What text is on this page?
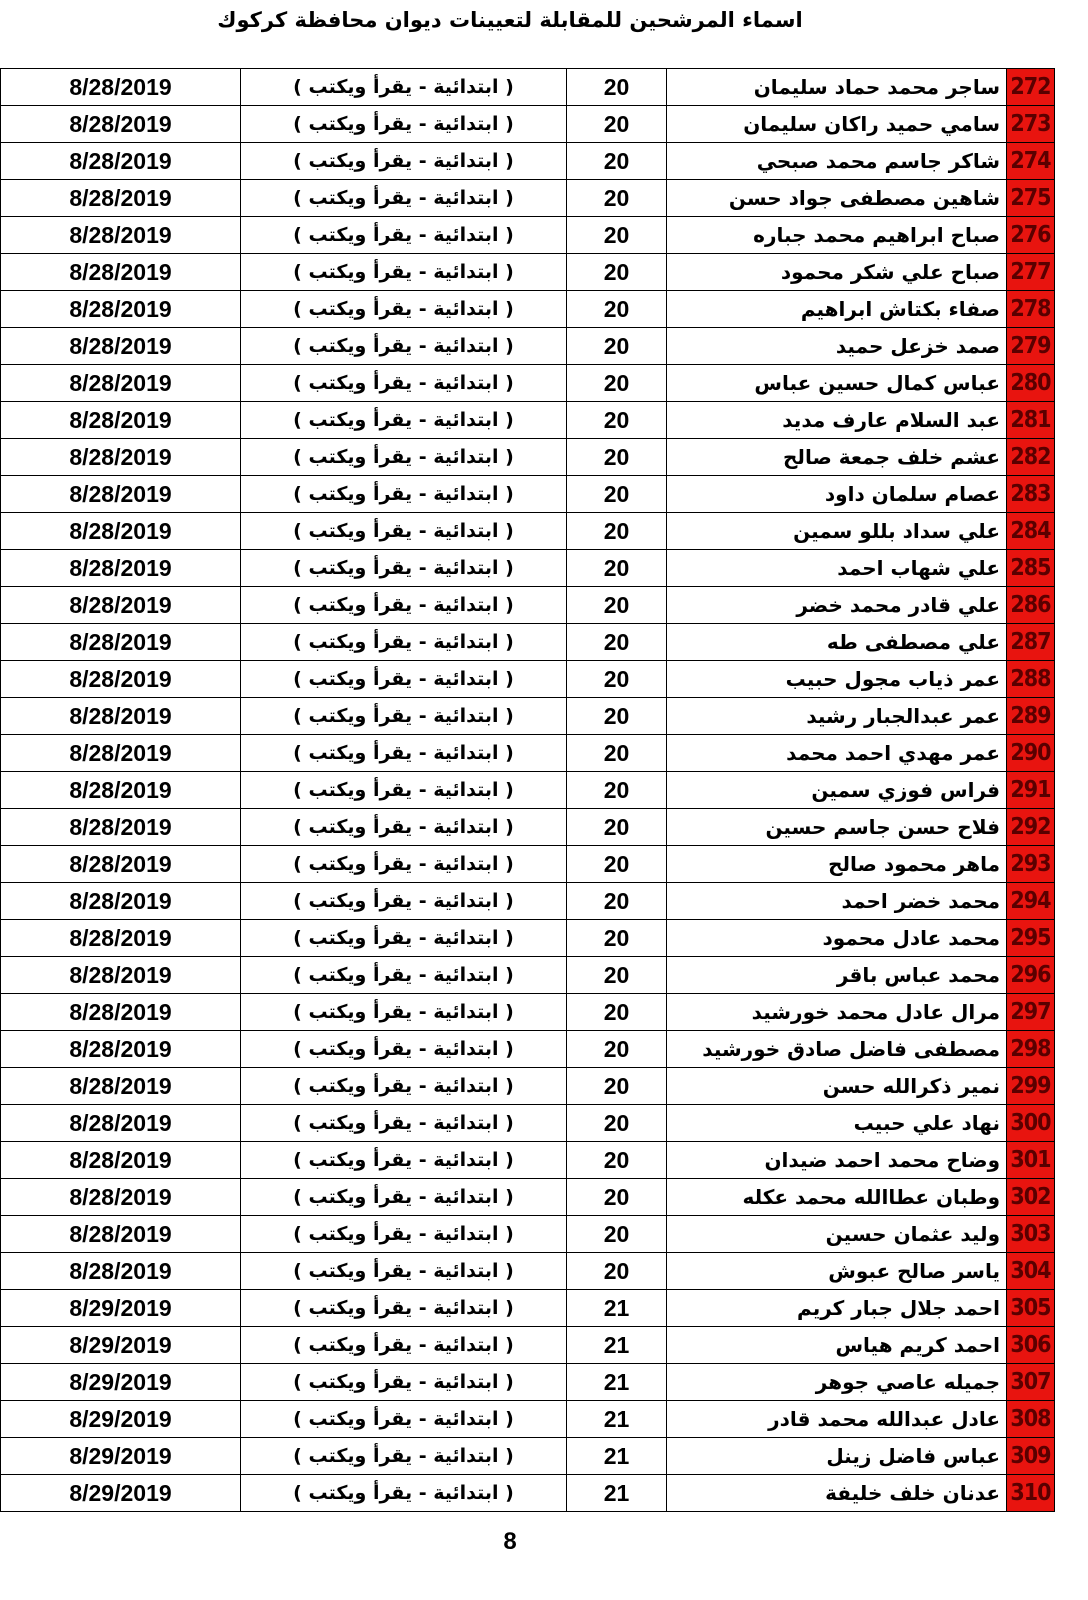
اسماء المرشحين للمقابلة لتعيينات ديوان محافظة كركوك
8/28/2019	( ابتدائية - يقرأ ويكتب )	20	ساجر محمد حماد سليمان	272	
8/28/2019	( ابتدائية - يقرأ ويكتب )	20	سامي حميد راكان سليمان	273	
8/28/2019	( ابتدائية - يقرأ ويكتب )	20	شاكر جاسم محمد صبحي	274	
8/28/2019	( ابتدائية - يقرأ ويكتب )	20	شاهين مصطفى جواد حسن	275	
8/28/2019	( ابتدائية - يقرأ ويكتب )	20	صباح ابراهيم محمد جباره	276	
8/28/2019	( ابتدائية - يقرأ ويكتب )	20	صباح علي شكر محمود	277	
8/28/2019	( ابتدائية - يقرأ ويكتب )	20	صفاء بكتاش ابراهيم	278	
8/28/2019	( ابتدائية - يقرأ ويكتب )	20	صمد خزعل حميد	279	
8/28/2019	( ابتدائية - يقرأ ويكتب )	20	عباس كمال حسين عباس	280	
8/28/2019	( ابتدائية - يقرأ ويكتب )	20	عبد السلام عارف مديد	281	
8/28/2019	( ابتدائية - يقرأ ويكتب )	20	عشم خلف جمعة صالح	282	
8/28/2019	( ابتدائية - يقرأ ويكتب )	20	عصام سلمان داود	283	
8/28/2019	( ابتدائية - يقرأ ويكتب )	20	علي سداد بللو سمين	284	
8/28/2019	( ابتدائية - يقرأ ويكتب )	20	علي شهاب احمد	285	
8/28/2019	( ابتدائية - يقرأ ويكتب )	20	علي قادر محمد خضر	286	
8/28/2019	( ابتدائية - يقرأ ويكتب )	20	علي مصطفى طه	287	
8/28/2019	( ابتدائية - يقرأ ويكتب )	20	عمر ذياب مجول حبيب	288	
8/28/2019	( ابتدائية - يقرأ ويكتب )	20	عمر عبدالجبار رشيد	289	
8/28/2019	( ابتدائية - يقرأ ويكتب )	20	عمر مهدي احمد محمد	290	
8/28/2019	( ابتدائية - يقرأ ويكتب )	20	فراس فوزي سمين	291	
8/28/2019	( ابتدائية - يقرأ ويكتب )	20	فلاح حسن جاسم حسين	292	
8/28/2019	( ابتدائية - يقرأ ويكتب )	20	ماهر محمود صالح	293	
8/28/2019	( ابتدائية - يقرأ ويكتب )	20	محمد خضر احمد	294	
8/28/2019	( ابتدائية - يقرأ ويكتب )	20	محمد عادل محمود	295	
8/28/2019	( ابتدائية - يقرأ ويكتب )	20	محمد عباس باقر	296	
8/28/2019	( ابتدائية - يقرأ ويكتب )	20	مرال عادل محمد خورشيد	297	
8/28/2019	( ابتدائية - يقرأ ويكتب )	20	مصطفى فاضل صادق خورشيد	298	
8/28/2019	( ابتدائية - يقرأ ويكتب )	20	نمير ذكرالله حسن	299	
8/28/2019	( ابتدائية - يقرأ ويكتب )	20	نهاد علي حبيب	300	
8/28/2019	( ابتدائية - يقرأ ويكتب )	20	وضاح محمد احمد ضيدان	301	
8/28/2019	( ابتدائية - يقرأ ويكتب )	20	وطبان عطاالله محمد عكله	302	
8/28/2019	( ابتدائية - يقرأ ويكتب )	20	وليد عثمان حسين	303	
8/28/2019	( ابتدائية - يقرأ ويكتب )	20	ياسر صالح عبوش	304	
8/29/2019	( ابتدائية - يقرأ ويكتب )	21	احمد جلال جبار كريم	305	
8/29/2019	( ابتدائية - يقرأ ويكتب )	21	احمد كريم هياس	306	
8/29/2019	( ابتدائية - يقرأ ويكتب )	21	جميله عاصي جوهر	307	
8/29/2019	( ابتدائية - يقرأ ويكتب )	21	عادل عبدالله محمد قادر	308	
8/29/2019	( ابتدائية - يقرأ ويكتب )	21	عباس فاضل زينل	309	
8/29/2019	( ابتدائية - يقرأ ويكتب )	21	عدنان خلف خليفة	310	
8
